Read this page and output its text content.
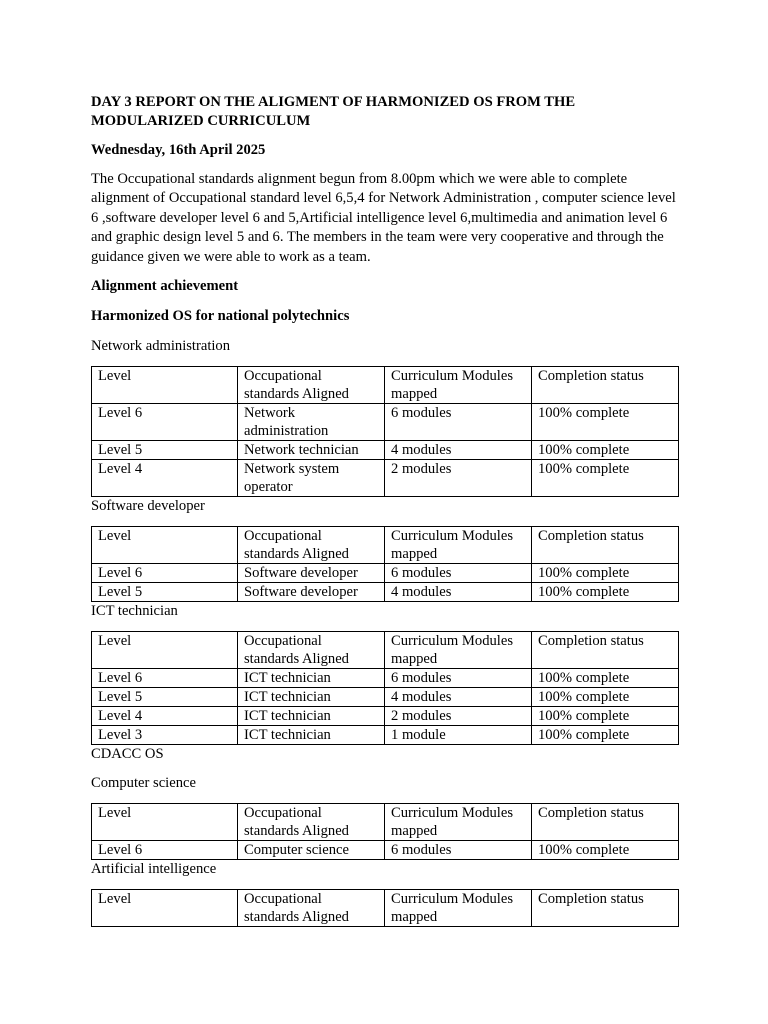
DAY 3 REPORT ON THE ALIGMENT OF HARMONIZED OS FROM THE MODULARIZED CURRICULUM
Wednesday, 16th April 2025
The Occupational standards alignment begun from 8.00pm which we were able to complete alignment of Occupational standard level 6,5,4 for Network Administration , computer science level 6 ,software developer level 6 and 5,Artificial intelligence level 6,multimedia and animation level 6 and graphic design level 5 and 6. The members in the team were very cooperative and through the guidance given we were able to work as a team.
Alignment achievement
Harmonized OS for national polytechnics
Network administration
Level	Occupational standards Aligned	Curriculum Modules mapped	Completion status
Level 6	Network administration	6 modules	100% complete
Level 5	Network technician	4 modules	100% complete
Level 4	Network system operator	2 modules	100% complete
Software developer
Level	Occupational standards Aligned	Curriculum Modules mapped	Completion status
Level 6	Software developer	6 modules	100% complete
Level 5	Software developer	4 modules	100% complete
ICT technician
Level	Occupational standards Aligned	Curriculum Modules mapped	Completion status
Level 6	ICT technician	6 modules	100% complete
Level 5	ICT technician	4 modules	100% complete
Level 4	ICT technician	2 modules	100% complete
Level 3	ICT technician	1 module	100% complete
CDACC OS
Computer science
Level	Occupational standards Aligned	Curriculum Modules mapped	Completion status
Level 6	Computer science	6 modules	100% complete
Artificial intelligence
Level	Occupational standards Aligned	Curriculum Modules mapped	Completion status
